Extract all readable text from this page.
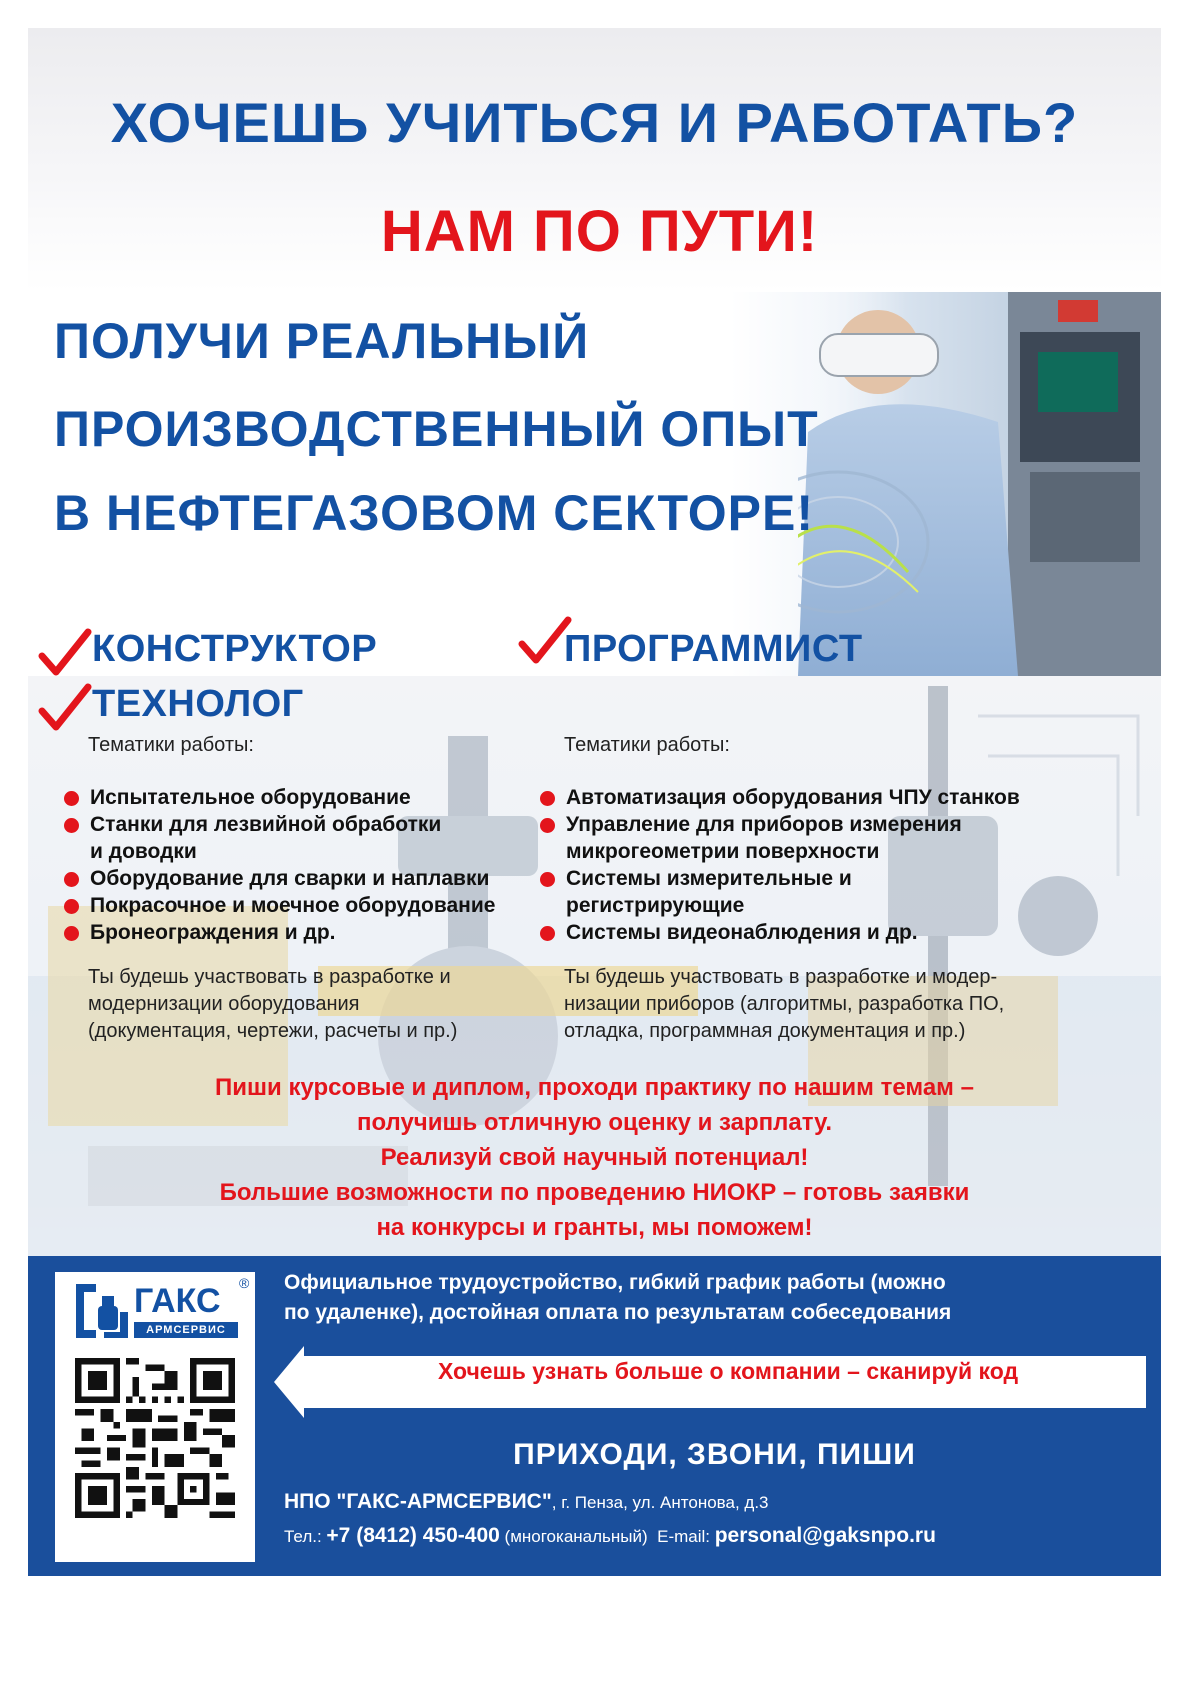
ХОЧЕШЬ УЧИТЬСЯ И РАБОТАТЬ?
НАМ ПО ПУТИ!
ПОЛУЧИ РЕАЛЬНЫЙ
ПРОИЗВОДСТВЕННЫЙ ОПЫТ
В НЕФТЕГАЗОВОМ СЕКТОРЕ!
КОНСТРУКТОР
ТЕХНОЛОГ
Тематики работы:
Испытательное оборудование
Станки для лезвийной обработки
и доводки
Оборудование для сварки и наплавки
Покрасочное и моечное оборудование
Бронеограждения и др.
Ты будешь участвовать в разработке и
модернизации оборудования
(документация, чертежи, расчеты и пр.)
ПРОГРАММИСТ
Тематики работы:
Автоматизация оборудования ЧПУ станков
Управление для приборов измерения
микрогеометрии поверхности
Системы измерительные и
регистрирующие
Системы видеонаблюдения и др.
Ты будешь участвовать в разработке и модер-
низации приборов (алгоритмы, разработка ПО,
отладка, программная документация и пр.)
Пиши курсовые и диплом, проходи практику по нашим темам –
получишь отличную оценку и зарплату.
Реализуй свой научный потенциал!
Большие возможности по проведению НИОКР – готовь заявки
на конкурсы и гранты, мы поможем!
ГАКС ®
АРМСЕРВИС
Официальное трудоустройство, гибкий график работы (можно
по удаленке), достойная оплата по результатам собеседования
Хочешь узнать больше о компании – сканируй код
ПРИХОДИ, ЗВОНИ, ПИШИ
НПО "ГАКС-АРМСЕРВИС", г. Пенза, ул. Антонова, д.3
Тел.: +7 (8412) 450-400 (многоканальный)  E-mail: personal@gaksnpo.ru
